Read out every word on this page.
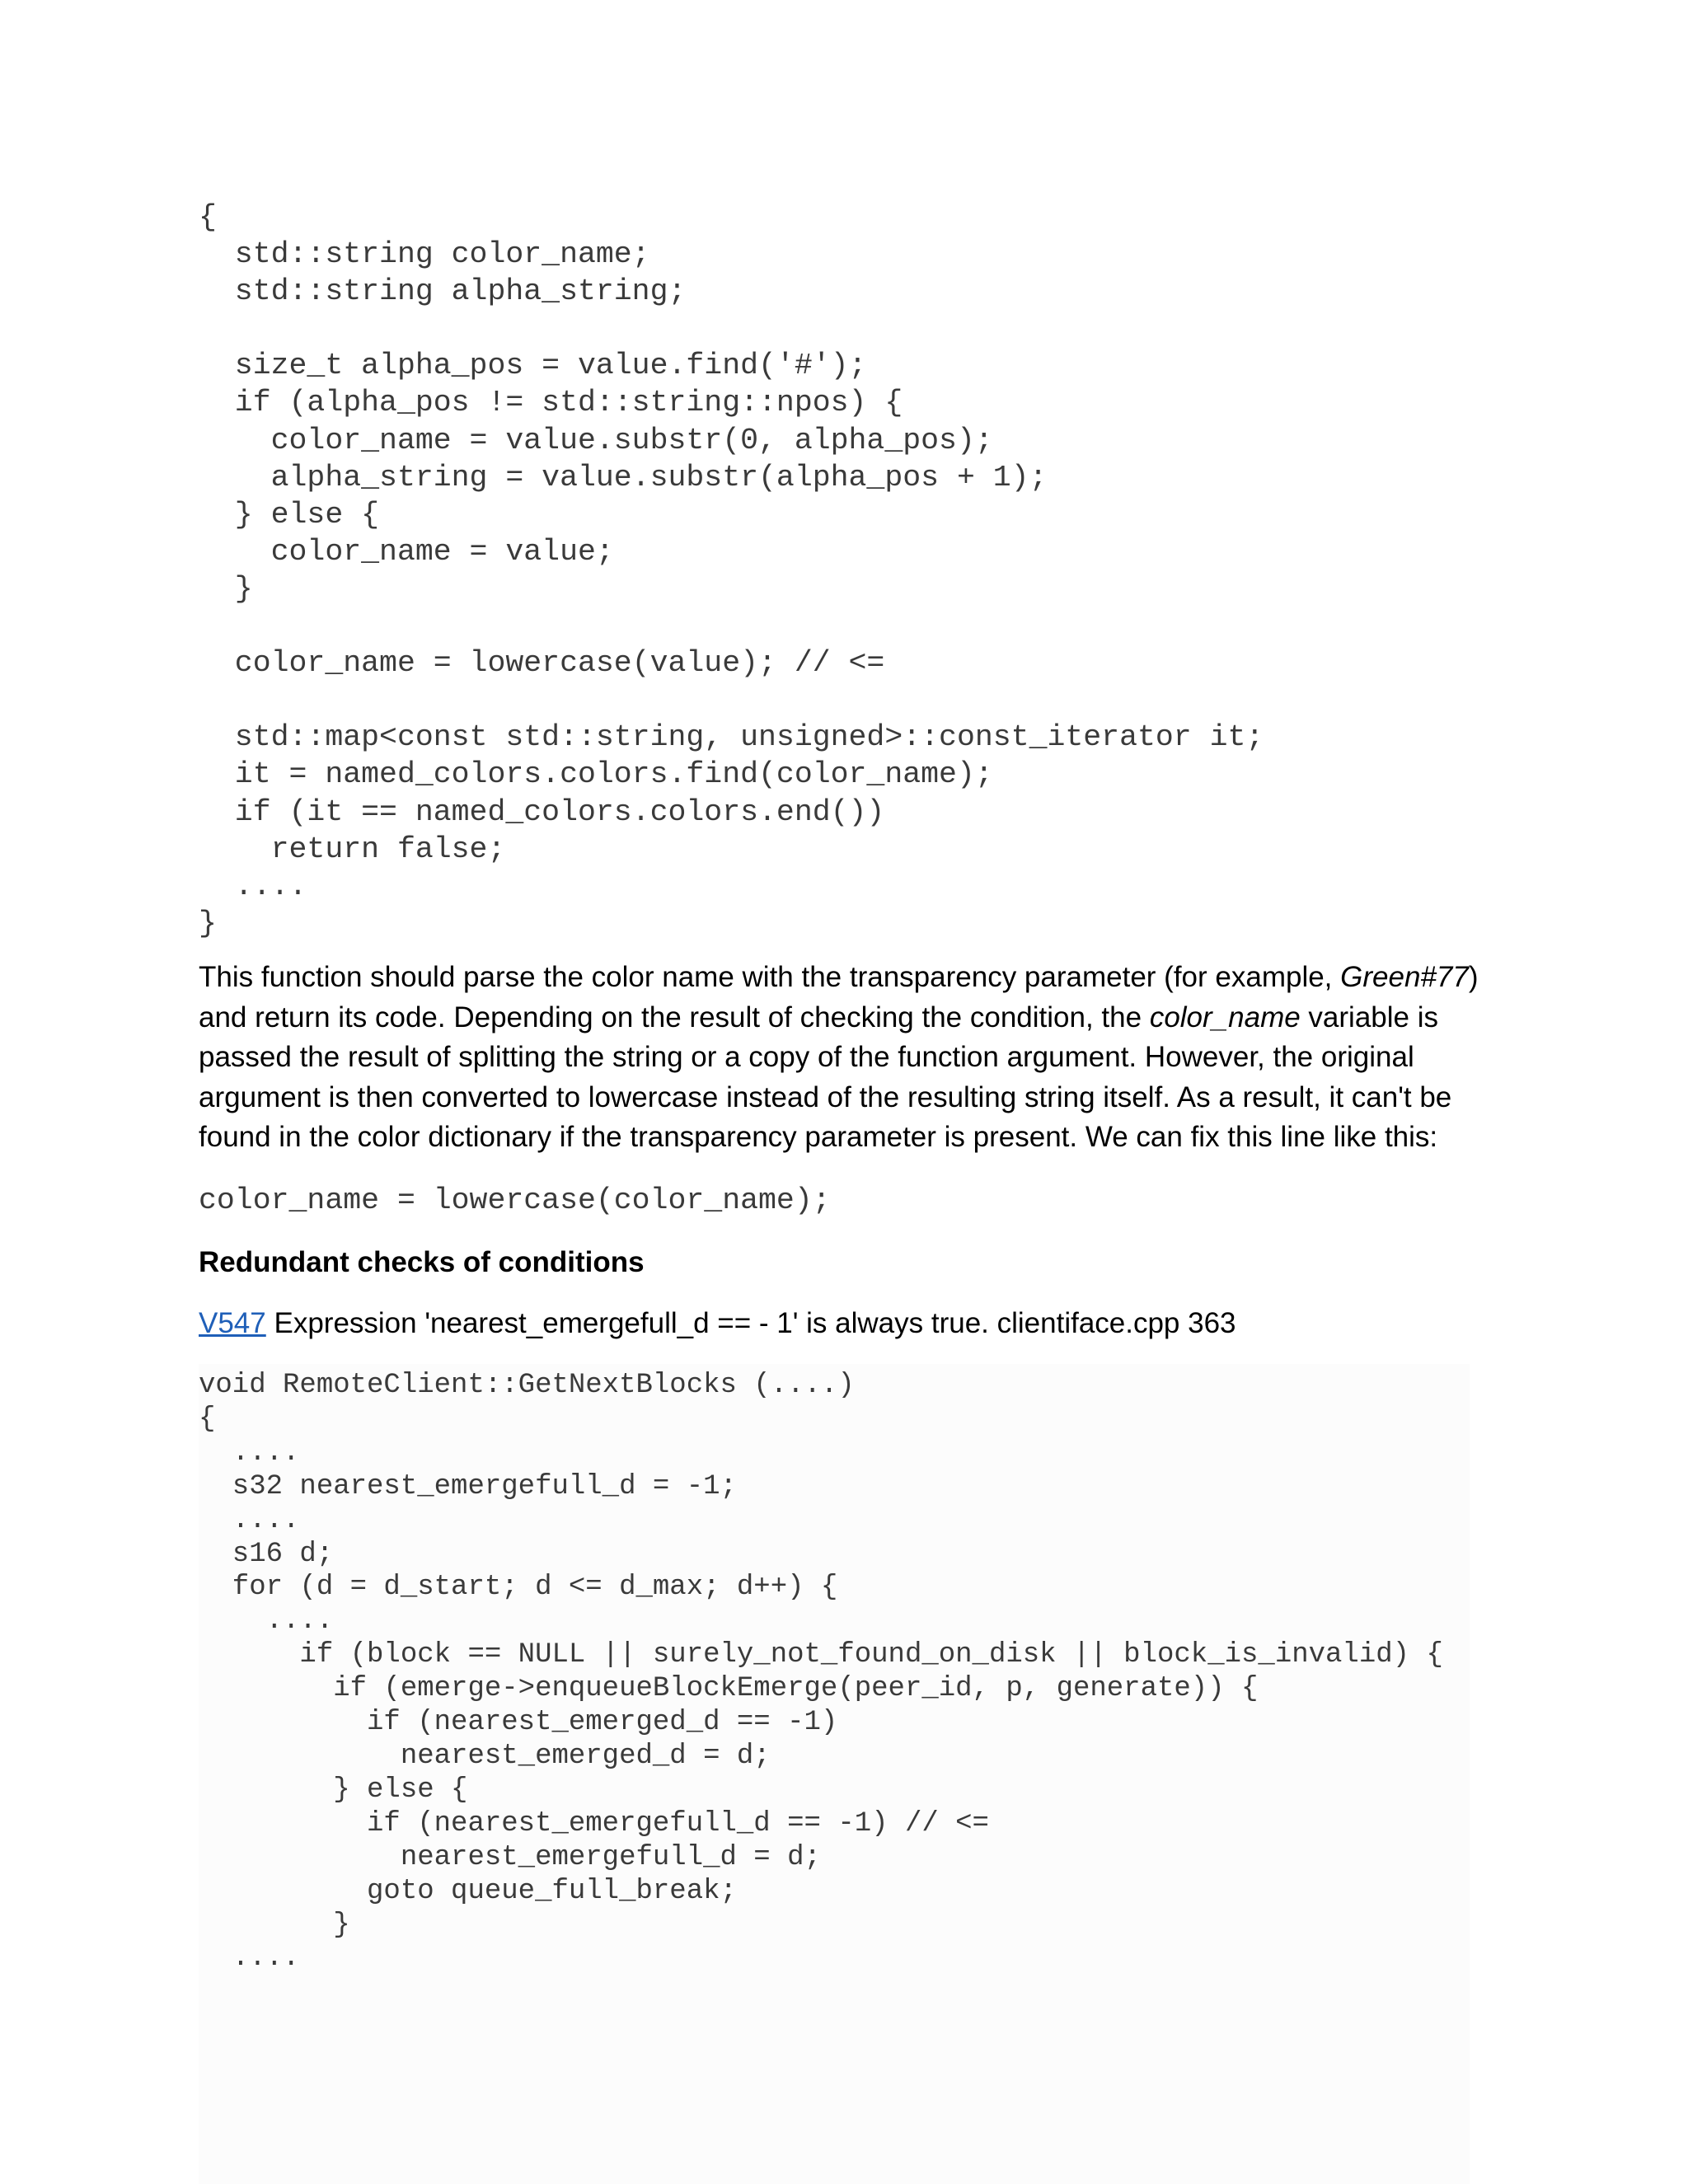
{
std::string color_name;
std::string alpha_string;

size_t alpha_pos = value.find('#');
if (alpha_pos != std::string::npos) {
color_name = value.substr(0, alpha_pos);
alpha_string = value.substr(alpha_pos + 1);
} else {
color_name = value;
}

color_name = lowercase(value); // <=

std::map<const std::string, unsigned>::const_iterator it;
it = named_colors.colors.find(color_name);
if (it == named_colors.colors.end())
return false;
....
}

This function should parse the color name with the transparency parameter (for example, Green#77) and return its code. Depending on the result of checking the condition, the color_name variable is passed the result of splitting the string or a copy of the function argument. However, the original argument is then converted to lowercase instead of the resulting string itself. As a result, it can't be found in the color dictionary if the transparency parameter is present. We can fix this line like this:

color_name = lowercase(color_name);

Redundant checks of conditions

V547 Expression 'nearest_emergefull_d == - 1' is always true. clientiface.cpp 363

void RemoteClient::GetNextBlocks (....)
{
....
s32 nearest_emergefull_d = -1;
....
s16 d;
for (d = d_start; d <= d_max; d++) {
....
if (block == NULL || surely_not_found_on_disk || block_is_invalid) {
if (emerge->enqueueBlockEmerge(peer_id, p, generate)) {
if (nearest_emerged_d == -1)
nearest_emerged_d = d;
} else {
if (nearest_emergefull_d == -1) // <=
nearest_emergefull_d = d;
goto queue_full_break;
}
....
